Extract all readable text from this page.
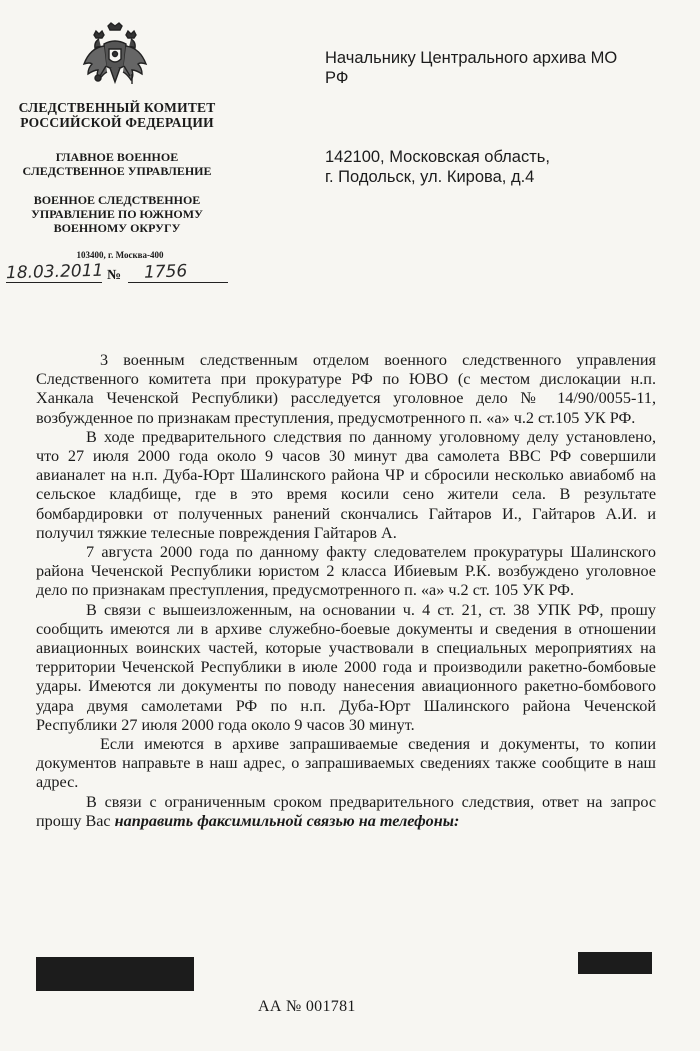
СЛЕДСТВЕННЫЙ КОМИТЕТ
РОССИЙСКОЙ ФЕДЕРАЦИИ
ГЛАВНОЕ ВОЕННОЕ
СЛЕДСТВЕННОЕ УПРАВЛЕНИЕ
ВОЕННОЕ СЛЕДСТВЕННОЕ
УПРАВЛЕНИЕ ПО ЮЖНОМУ
ВОЕННОМУ ОКРУГУ
103400, г. Москва-400
18.03.2011 № 1756
Начальнику Центрального архива МО
РФ
142100, Московская область,
г. Подольск, ул. Кирова, д.4

3 военным следственным отделом военного следственного управления Следственного комитета при прокуратуре РФ по ЮВО (с местом дислокации н.п. Ханкала Чеченской Республики) расследуется уголовное дело № 14/90/0055-11, возбужденное по признакам преступления, предусмотренного п. «а» ч.2 ст.105 УК РФ.

В ходе предварительного следствия по данному уголовному делу установлено, что 27 июля 2000 года около 9 часов 30 минут два самолета ВВС РФ совершили авианалет на н.п. Дуба-Юрт Шалинского района ЧР и сбросили несколько авиабомб на сельское кладбище, где в это время косили сено жители села. В результате бомбардировки от полученных ранений скончались Гайтаров И., Гайтаров А.И. и получил тяжкие телесные повреждения Гайтаров А.

7 августа 2000 года по данному факту следователем прокуратуры Шалинского района Чеченской Республики юристом 2 класса Ибиевым Р.К. возбуждено уголовное дело по признакам преступления, предусмотренного п. «а» ч.2 ст. 105 УК РФ.

В связи с вышеизложенным, на основании ч. 4 ст. 21, ст. 38 УПК РФ, прошу сообщить имеются ли в архиве служебно-боевые документы и сведения в отношении авиационных воинских частей, которые участвовали в специальных мероприятиях на территории Чеченской Республики в июле 2000 года и производили ракетно-бомбовые удары. Имеются ли документы по поводу нанесения авиационного ракетно-бомбового удара двумя самолетами РФ по н.п. Дуба-Юрт Шалинского района Чеченской Республики 27 июля 2000 года около 9 часов 30 минут.

Если имеются в архиве запрашиваемые сведения и документы, то копии документов направьте в наш адрес, о запрашиваемых сведениях также сообщите в наш адрес.

В связи с ограниченным сроком предварительного следствия, ответ на запрос прошу Вас направить факсимильной связью на телефоны:

АА № 001781
